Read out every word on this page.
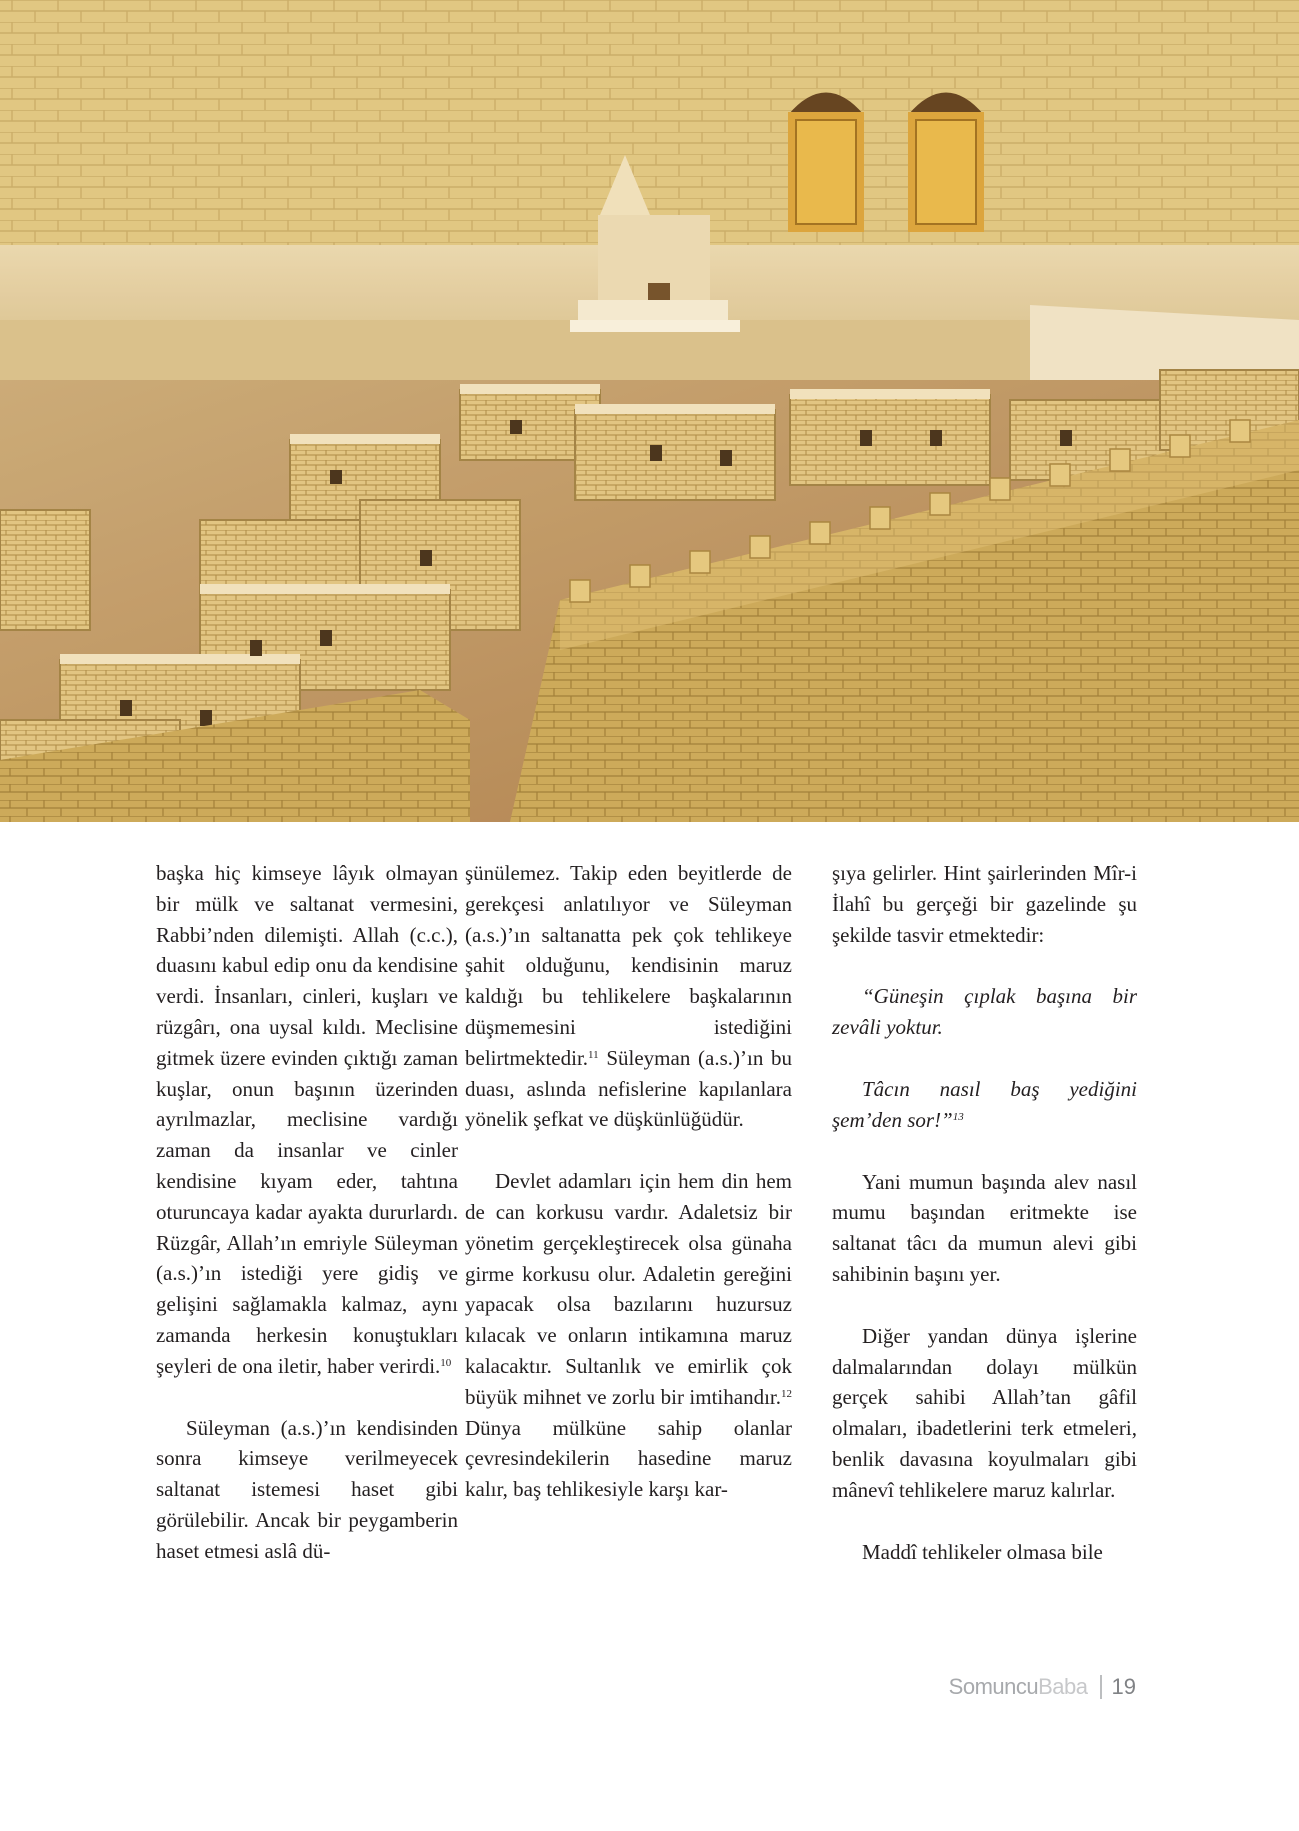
başka hiç kimseye lâyık olmayan bir mülk ve saltanat vermesini, Rabbi’nden dilemişti. Allah (c.c.), duasını kabul edip onu da kendisine verdi. İnsanları, cinleri, kuşları ve rüzgârı, ona uysal kıldı. Meclisine gitmek üzere evinden çıktığı zaman kuşlar, onun başının üzerinden ayrılmazlar, meclisine vardığı zaman da insanlar ve cinler kendisine kıyam eder, tahtına oturuncaya kadar ayakta dururlardı. Rüzgâr, Allah’ın emriyle Süleyman (a.s.)’ın istediği yere gidiş ve gelişini sağlamakla kalmaz, aynı zamanda herkesin konuştukları şeyleri de ona iletir, haber verirdi.$^{10}$

Süleyman (a.s.)’ın kendisinden sonra kimseye verilmeyecek saltanat istemesi haset gibi görülebilir. Ancak bir peygamberin haset etmesi aslâ dü-

şünülemez. Takip eden beyitlerde de gerekçesi anlatılıyor ve Süleyman (a.s.)’ın saltanatta pek çok tehlikeye şahit olduğunu, kendisinin maruz kaldığı bu tehlikelere başkalarının düşmemesini istediğini belirtmektedir.$^{11}$ Süleyman (a.s.)’ın bu duası, aslında nefislerine kapılanlara yönelik şefkat ve düşkünlüğüdür.

Devlet adamları için hem din hem de can korkusu vardır. Adaletsiz bir yönetim gerçekleştirecek olsa günaha girme korkusu olur. Adaletin gereğini yapacak olsa bazılarını huzursuz kılacak ve onların intikamına maruz kalacaktır. Sultanlık ve emirlik çok büyük mihnet ve zorlu bir imtihandır.$^{12}$ Dünya mülküne sahip olanlar çevresindekilerin hasedine maruz kalır, baş tehlikesiyle karşı kar-

şıya gelirler. Hint şairlerinden Mîr-i İlahî bu gerçeği bir gazelinde şu şekilde tasvir etmektedir:

“Güneşin çıplak başına bir zevâli yoktur.

Tâcın nasıl baş yediğini şem’den sor!”$^{13}$

Yani mumun başında alev nasıl mumu başından eritmekte ise saltanat tâcı da mumun alevi gibi sahibinin başını yer.

Diğer yandan dünya işlerine dalmalarından dolayı mülkün gerçek sahibi Allah’tan gâfil olmaları, ibadetlerini terk etmeleri, benlik davasına koyulmaları gibi mânevî tehlikelere maruz kalırlar.

Maddî tehlikeler olmasa bile

Somuncu Baba 19
